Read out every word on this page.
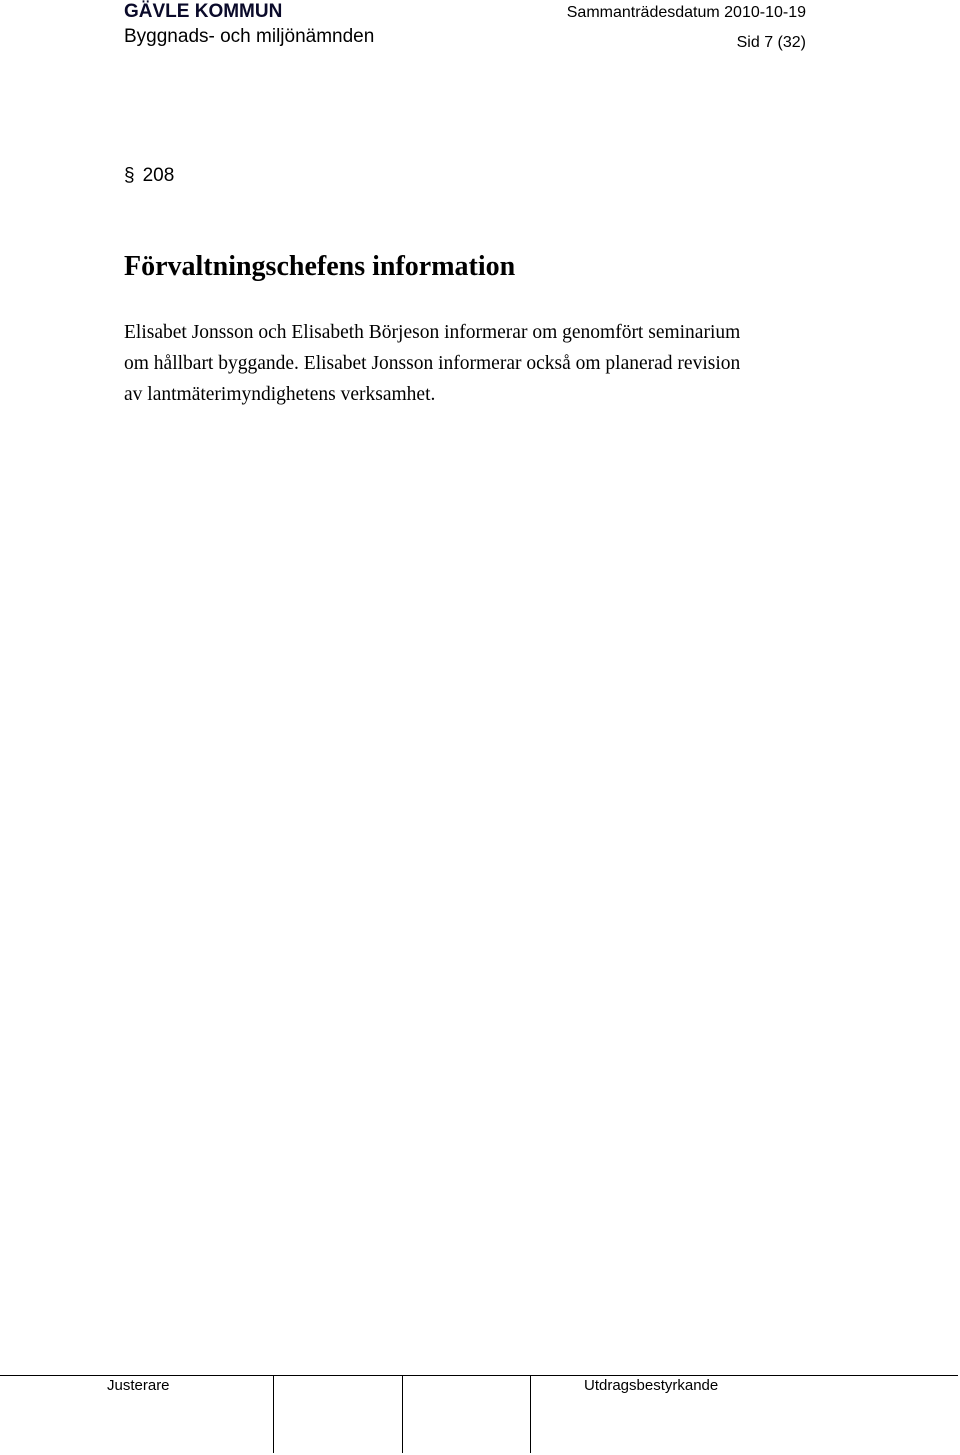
GÄVLE KOMMUN
Byggnads- och miljönämnden
Sammanträdesdatum 2010-10-19
Sid 7 (32)
§ 208
Förvaltningschefens information
Elisabet Jonsson och Elisabeth Börjeson informerar om genomfört seminarium
om hållbart byggande. Elisabet Jonsson informerar också om planerad revision
av lantmäterimyndighetens verksamhet.
Justerare	Utdragsbestyrkande
